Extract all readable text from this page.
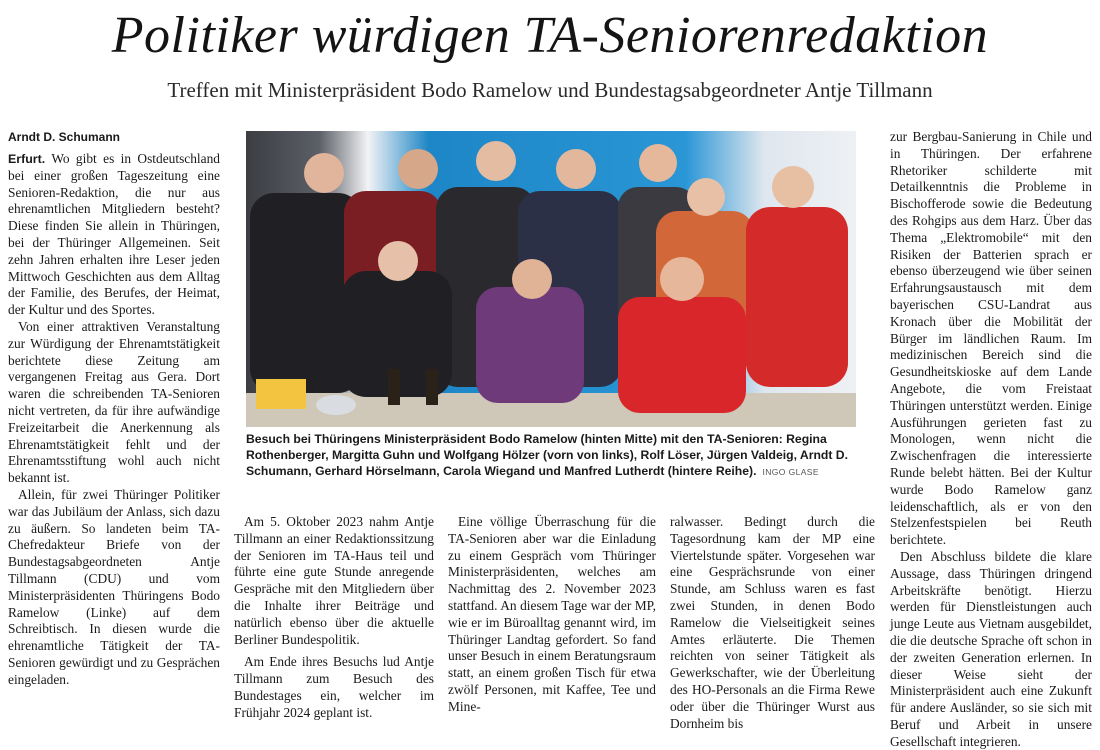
Politiker würdigen TA-Seniorenredaktion
Treffen mit Ministerpräsident Bodo Ramelow und Bundestagsabgeordneter Antje Tillmann
Arndt D. Schumann

Erfurt. Wo gibt es in Ostdeutschland bei einer großen Tageszeitung eine Senioren-Redaktion, die nur aus ehrenamtlichen Mitgliedern besteht? Diese finden Sie allein in Thüringen, bei der Thüringer Allgemeinen. Seit zehn Jahren erhalten ihre Leser jeden Mittwoch Geschichten aus dem Alltag der Familie, des Berufes, der Heimat, der Kultur und des Sportes.

Von einer attraktiven Veranstaltung zur Würdigung der Ehrenamtstätigkeit berichtete diese Zeitung am vergangenen Freitag aus Gera. Dort waren die schreibenden TA-Senioren nicht vertreten, da für ihre aufwändige Freizeitarbeit die Anerkennung als Ehrenamtstätigkeit fehlt und der Ehrenamtsstiftung wohl auch nicht bekannt ist.

Allein, für zwei Thüringer Politiker war das Jubiläum der Anlass, sich dazu zu äußern. So landeten beim TA-Chefredakteur Briefe von der Bundestagsabgeordneten Antje Tillmann (CDU) und vom Ministerpräsidenten Thüringens Bodo Ramelow (Linke) auf dem Schreibtisch. In diesen wurde die ehrenamtliche Tätigkeit der TA-Senioren gewürdigt und zu Gesprächen eingeladen.

Besuch bei Thüringens Ministerpräsident Bodo Ramelow (hinten Mitte) mit den TA-Senioren: Regina Rothenberger, Margitta Guhn und Wolfgang Hölzer (vorn von links), Rolf Löser, Jürgen Valdeig, Arndt D. Schumann, Gerhard Hörselmann, Carola Wiegand und Manfred Lutherdt (hintere Reihe). INGO GLASE

Am 5. Oktober 2023 nahm Antje Tillmann an einer Redaktionssitzung der Senioren im TA-Haus teil und führte eine gute Stunde anregende Gespräche mit den Mitgliedern über die Inhalte ihrer Beiträge und natürlich ebenso über die aktuelle Berliner Bundespolitik.

Am Ende ihres Besuchs lud Antje Tillmann zum Besuch des Bundestages ein, welcher im Frühjahr 2024 geplant ist.

Eine völlige Überraschung für die TA-Senioren aber war die Einladung zu einem Gespräch vom Thüringer Ministerpräsidenten, welches am Nachmittag des 2. November 2023 stattfand. An diesem Tage war der MP, wie er im Büroalltag genannt wird, im Thüringer Landtag gefordert. So fand unser Besuch in einem Beratungsraum statt, an einem großen Tisch für etwa zwölf Personen, mit Kaffee, Tee und Mine-

ralwasser. Bedingt durch die Tagesordnung kam der MP eine Viertelstunde später. Vorgesehen war eine Gesprächsrunde von einer Stunde, am Schluss waren es fast zwei Stunden, in denen Bodo Ramelow die Vielseitigkeit seines Amtes erläuterte. Die Themen reichten von seiner Tätigkeit als Gewerkschafter, wie der Überleitung des HO-Personals an die Firma Rewe oder über die Thüringer Wurst aus Dornheim bis

zur Bergbau-Sanierung in Chile und in Thüringen. Der erfahrene Rhetoriker schilderte mit Detailkenntnis die Probleme in Bischofferode sowie die Bedeutung des Rohgips aus dem Harz. Über das Thema „Elektromobile“ mit den Risiken der Batterien sprach er ebenso überzeugend wie über seinen Erfahrungsaustausch mit dem bayerischen CSU-Landrat aus Kronach über die Mobilität der Bürger im ländlichen Raum. Im medizinischen Bereich sind die Gesundheitskioske auf dem Lande Angebote, die vom Freistaat Thüringen unterstützt werden. Einige Ausführungen gerieten fast zu Monologen, wenn nicht die Zwischenfragen die interessierte Runde belebt hätten. Bei der Kultur wurde Bodo Ramelow ganz leidenschaftlich, als er von den Stelzenfestspielen bei Reuth berichtete.

Den Abschluss bildete die klare Aussage, dass Thüringen dringend Arbeitskräfte benötigt. Hierzu werden für Dienstleistungen auch junge Leute aus Vietnam ausgebildet, die die deutsche Sprache oft schon in der zweiten Generation erlernen. In dieser Weise sieht der Ministerpräsident auch eine Zukunft für andere Ausländer, so sie sich mit Beruf und Arbeit in unsere Gesellschaft integrieren.
